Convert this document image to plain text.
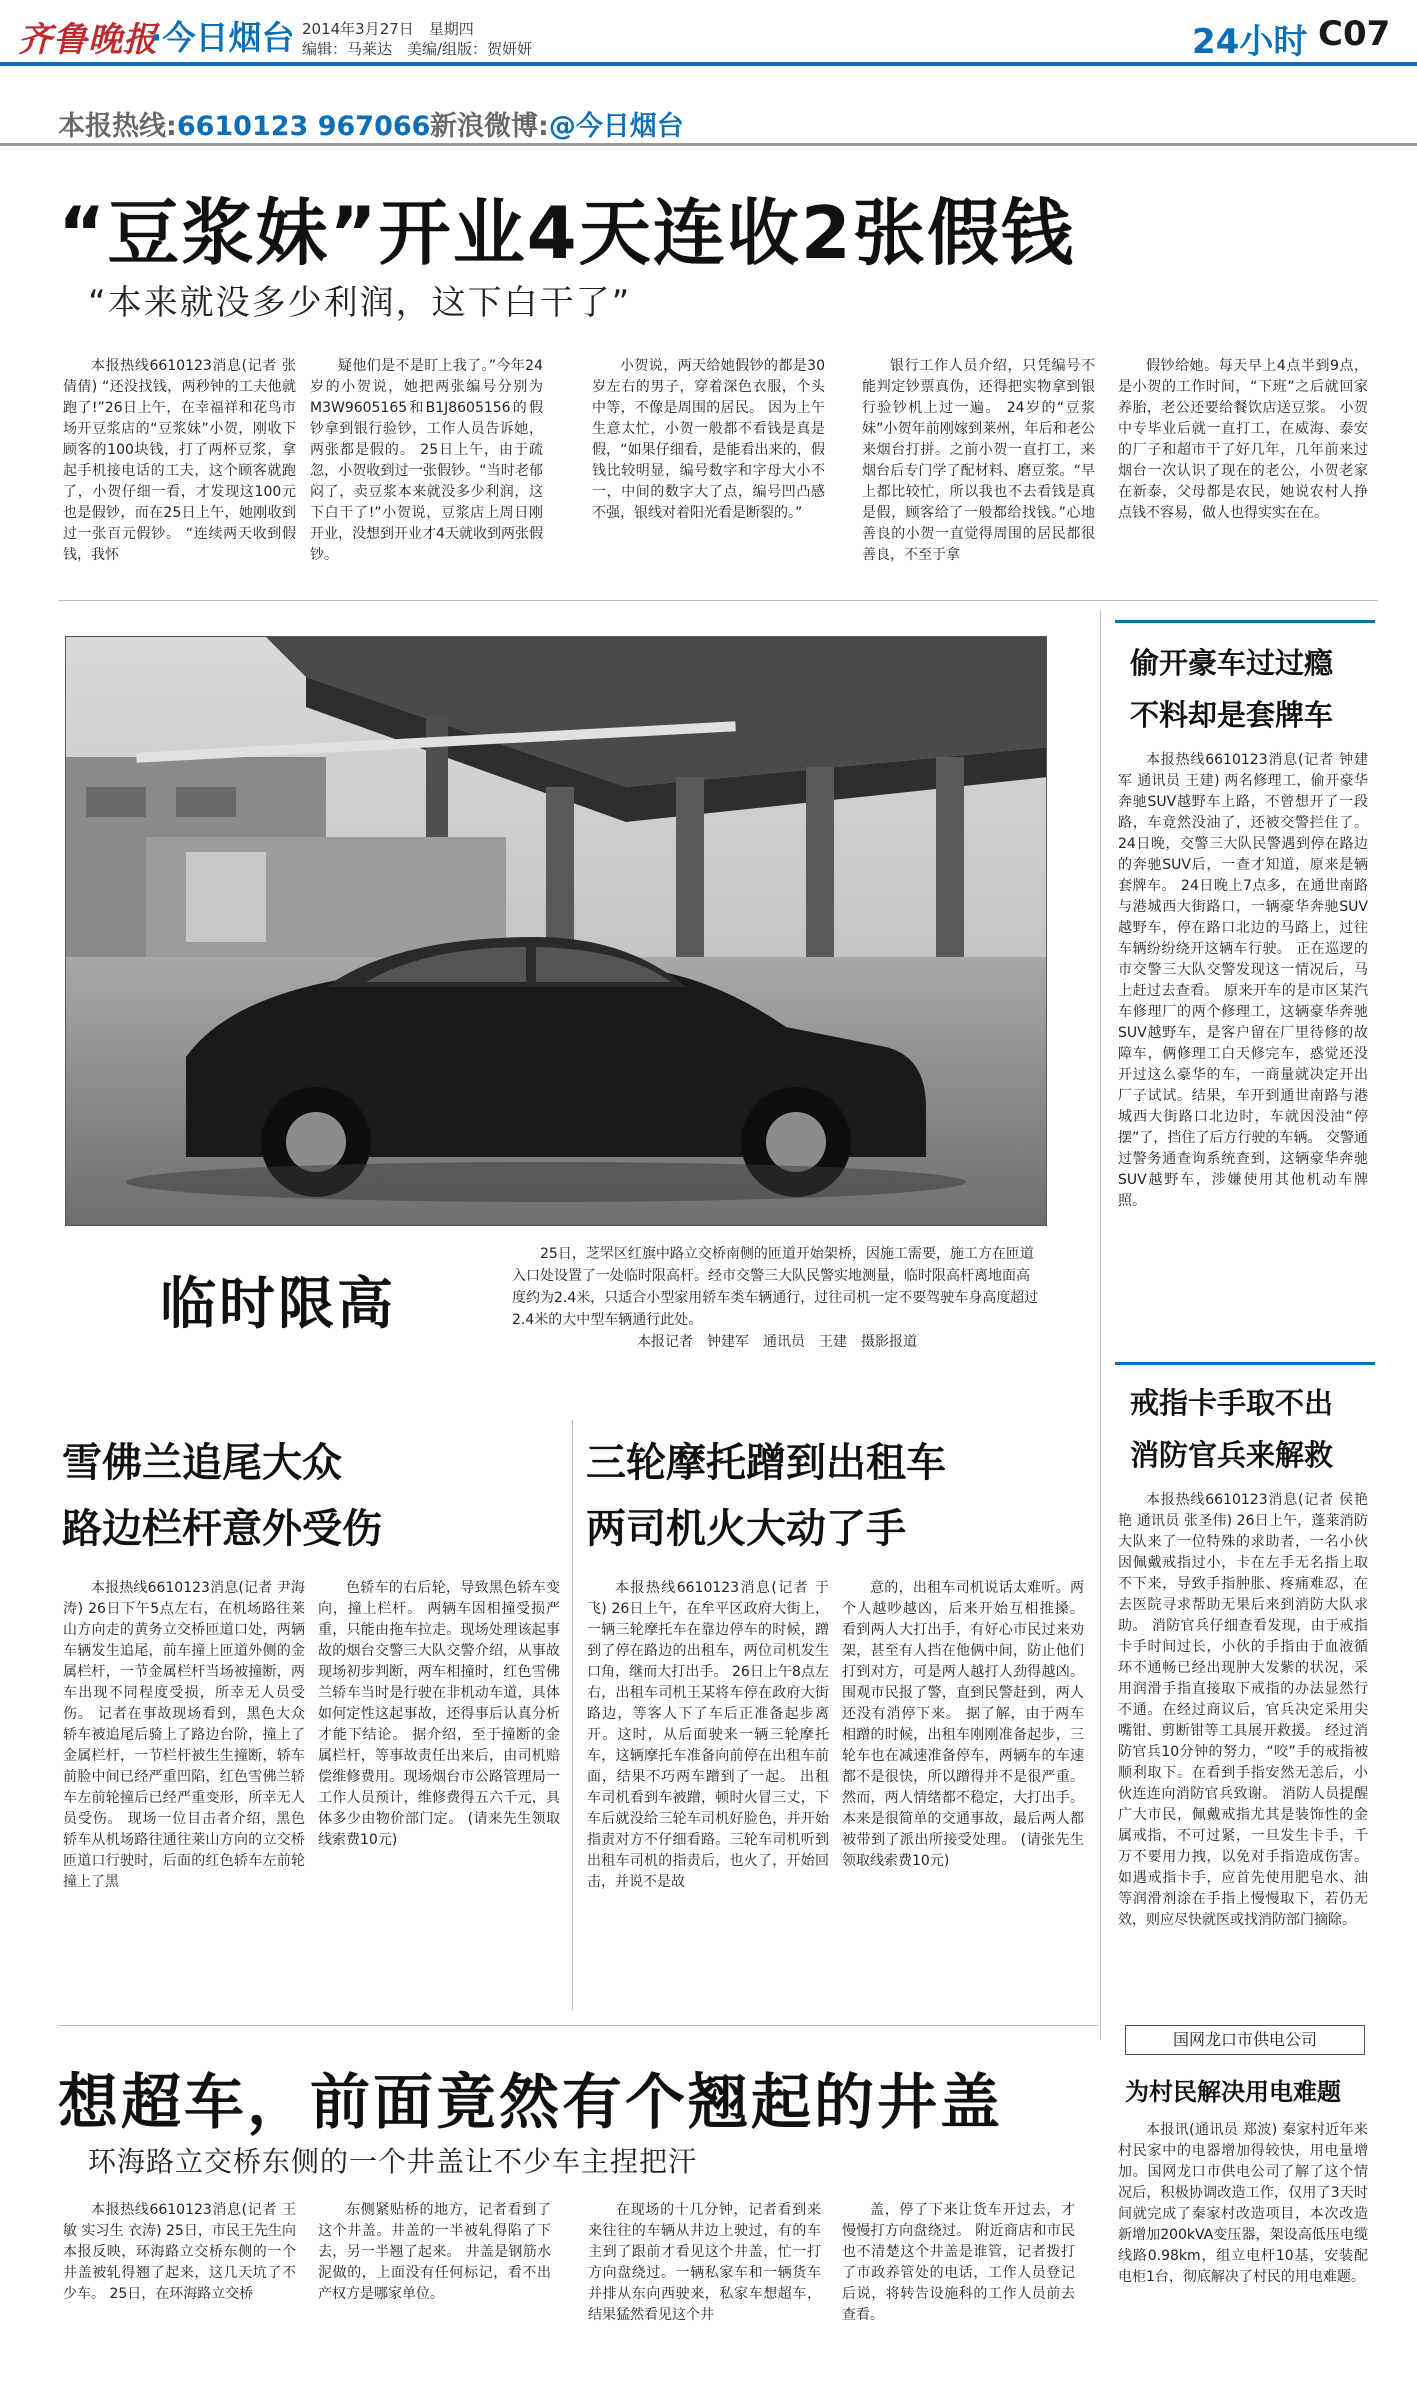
齐鲁晚报
·今日烟台 2014年3月27日　星期四
编辑：马莱达　美编/组版：贺妍妍	24小时 C07
本报热线:6610123 967066 新浪微博:@今日烟台
“豆浆妹”开业4天连收2张假钱
“本来就没多少利润，这下白干了”

本报热线6610123消息(记者 张倩倩) “还没找钱，两秒钟的工夫他就跑了!”26日上午，在幸福祥和花鸟市场开豆浆店的“豆浆妹”小贺，刚收下顾客的100块钱，打了两杯豆浆，拿起手机接电话的工夫，这个顾客就跑了，小贺仔细一看，才发现这100元也是假钞，而在25日上午，她刚收到过一张百元假钞。 “连续两天收到假钱，我怀

疑他们是不是盯上我了。”今年24岁的小贺说，她把两张编号分别为M3W9605165和B1J8605156的假钞拿到银行验钞，工作人员告诉她，两张都是假的。 25日上午，由于疏忽，小贺收到过一张假钞。“当时老郁闷了，卖豆浆本来就没多少利润，这下白干了!”小贺说，豆浆店上周日刚开业，没想到开业才4天就收到两张假钞。

小贺说，两天给她假钞的都是30岁左右的男子，穿着深色衣服，个头中等，不像是周围的居民。 因为上午生意太忙，小贺一般都不看钱是真是假，“如果仔细看，是能看出来的，假钱比较明显，编号数字和字母大小不一，中间的数字大了点，编号凹凸感不强，银线对着阳光看是断裂的。”

银行工作人员介绍，只凭编号不能判定钞票真伪，还得把实物拿到银行验钞机上过一遍。 24岁的“豆浆妹”小贺年前刚嫁到莱州，年后和老公来烟台打拼。之前小贺一直打工，来烟台后专门学了配材料、磨豆浆。“早上都比较忙，所以我也不去看钱是真是假，顾客给了一般都给找钱。”心地善良的小贺一直觉得周围的居民都很善良，不至于拿

假钞给她。每天早上4点半到9点，是小贺的工作时间，“下班”之后就回家养胎，老公还要给餐饮店送豆浆。 小贺中专毕业后就一直打工，在威海、泰安的厂子和超市干了好几年，几年前来过烟台一次认识了现在的老公，小贺老家在新泰，父母都是农民，她说农村人挣点钱不容易，做人也得实实在在。

临时限高

25日，芝罘区红旗中路立交桥南侧的匝道开始架桥，因施工需要，施工方在匝道入口处设置了一处临时限高杆。经市交警三大队民警实地测量，临时限高杆离地面高度约为2.4米，只适合小型家用轿车类车辆通行，过往司机一定不要驾驶车身高度超过2.4米的大中型车辆通行此处。

本报记者　钟建军　通讯员　王建　摄影报道

偷开豪车过过瘾
不料却是套牌车

本报热线6610123消息(记者 钟建军 通讯员 王建) 两名修理工，偷开豪华奔驰SUV越野车上路，不曾想开了一段路，车竟然没油了，还被交警拦住了。24日晚，交警三大队民警遇到停在路边的奔驰SUV后，一查才知道，原来是辆套牌车。 24日晚上7点多，在通世南路与港城西大街路口，一辆豪华奔驰SUV越野车，停在路口北边的马路上，过往车辆纷纷绕开这辆车行驶。 正在巡逻的市交警三大队交警发现这一情况后，马上赶过去查看。 原来开车的是市区某汽车修理厂的两个修理工，这辆豪华奔驰SUV越野车，是客户留在厂里待修的故障车，俩修理工白天修完车，惑觉还没开过这么豪华的车，一商量就决定开出厂子试试。结果，车开到通世南路与港城西大街路口北边时，车就因没油“停摆”了，挡住了后方行驶的车辆。 交警通过警务通查询系统查到，这辆豪华奔驰SUV越野车，涉嫌使用其他机动车牌照。

戒指卡手取不出
消防官兵来解救

本报热线6610123消息(记者 侯艳艳 通讯员 张圣伟) 26日上午，蓬莱消防大队来了一位特殊的求助者，一名小伙因佩戴戒指过小，卡在左手无名指上取不下来，导致手指肿胀、疼痛难忍，在去医院寻求帮助无果后来到消防大队求助。 消防官兵仔细查看发现，由于戒指卡手时间过长，小伙的手指由于血液循环不通畅已经出现肿大发紫的状况，采用润滑手指直接取下戒指的办法显然行不通。在经过商议后，官兵决定采用尖嘴钳、剪断钳等工具展开救援。 经过消防官兵10分钟的努力，“咬”手的戒指被顺利取下。在看到手指安然无恙后，小伙连连向消防官兵致谢。 消防人员提醒广大市民，佩戴戒指尤其是装饰性的金属戒指，不可过紧，一旦发生卡手，千万不要用力拽，以免对手指造成伤害。如遇戒指卡手，应首先使用肥皂水、油等润滑剂涂在手指上慢慢取下，若仍无效，则应尽快就医或找消防部门摘除。

雪佛兰追尾大众
路边栏杆意外受伤

本报热线6610123消息(记者 尹海涛) 26日下午5点左右，在机场路往莱山方向走的黄务立交桥匝道口处，两辆车辆发生追尾，前车撞上匝道外侧的金属栏杆，一节金属栏杆当场被撞断，两车出现不同程度受损，所幸无人员受伤。 记者在事故现场看到，黑色大众轿车被追尾后骑上了路边台阶，撞上了金属栏杆，一节栏杆被生生撞断，轿车前脸中间已经严重凹陷，红色雪佛兰轿车左前轮撞后已经严重变形，所幸无人员受伤。 现场一位目击者介绍，黑色轿车从机场路往通往莱山方向的立交桥匝道口行驶时，后面的红色轿车左前轮撞上了黑

色轿车的右后轮，导致黑色轿车变向，撞上栏杆。 两辆车因相撞受损严重，只能由拖车拉走。现场处理该起事故的烟台交警三大队交警介绍，从事故现场初步判断，两车相撞时，红色雪佛兰轿车当时是行驶在非机动车道，具体如何定性这起事故，还得事后认真分析才能下结论。 据介绍，至于撞断的金属栏杆，等事故责任出来后，由司机赔偿维修费用。现场烟台市公路管理局一工作人员预计，维修费得五六千元，具体多少由物价部门定。 (请来先生领取线索费10元)

三轮摩托蹭到出租车
两司机火大动了手

本报热线6610123消息(记者 于飞) 26日上午，在牟平区政府大街上，一辆三轮摩托车在靠边停车的时候，蹭到了停在路边的出租车，两位司机发生口角，继而大打出手。 26日上午8点左右，出租车司机王某将车停在政府大街路边，等客人下了车后正准备起步离开。这时，从后面驶来一辆三轮摩托车，这辆摩托车准备向前停在出租车前面，结果不巧两车蹭到了一起。 出租车司机看到车被蹭，顿时火冒三丈，下车后就没给三轮车司机好脸色，并开始指责对方不仔细看路。三轮车司机听到出租车司机的指责后，也火了，开始回击，并说不是故

意的，出租车司机说话太难听。两个人越吵越凶，后来开始互相推搡。 看到两人大打出手，有好心市民过来劝架，甚至有人挡在他俩中间，防止他们打到对方，可是两人越打人劲得越凶。围观市民报了警，直到民警赶到，两人还没有消停下来。 据了解，由于两车相蹭的时候，出租车刚刚准备起步，三轮车也在减速准备停车，两辆车的车速都不是很快，所以蹭得并不是很严重。然而，两人情绪都不稳定，大打出手。本来是很简单的交通事故，最后两人都被带到了派出所接受处理。 (请张先生领取线索费10元)

想超车，前面竟然有个翘起的井盖
环海路立交桥东侧的一个井盖让不少车主捏把汗

本报热线6610123消息(记者 王敏 实习生 衣涛) 25日，市民王先生向本报反映，环海路立交桥东侧的一个井盖被轧得翘了起来，这几天坑了不少车。 25日，在环海路立交桥

东侧紧贴桥的地方，记者看到了这个井盖。井盖的一半被轧得陷了下去，另一半翘了起来。 井盖是钢筋水泥做的，上面没有任何标记，看不出产权方是哪家单位。

在现场的十几分钟，记者看到来来往往的车辆从井边上驶过，有的车主到了跟前才看见这个井盖，忙一打方向盘绕过。一辆私家车和一辆货车并排从东向西驶来，私家车想超车，结果猛然看见这个井

盖，停了下来让货车开过去，才慢慢打方向盘绕过。 附近商店和市民也不清楚这个井盖是谁管，记者拨打了市政养管处的电话，工作人员登记后说，将转告设施科的工作人员前去查看。

国网龙口市供电公司
为村民解决用电难题

本报讯(通讯员 郑波) 秦家村近年来村民家中的电器增加得较快，用电量增加。国网龙口市供电公司了解了这个情况后，积极协调改造工作，仅用了3天时间就完成了秦家村改造项目，本次改造新增加200kVA变压器，架设高低压电缆线路0.98km，组立电杆10基，安装配电柜1台，彻底解决了村民的用电难题。
